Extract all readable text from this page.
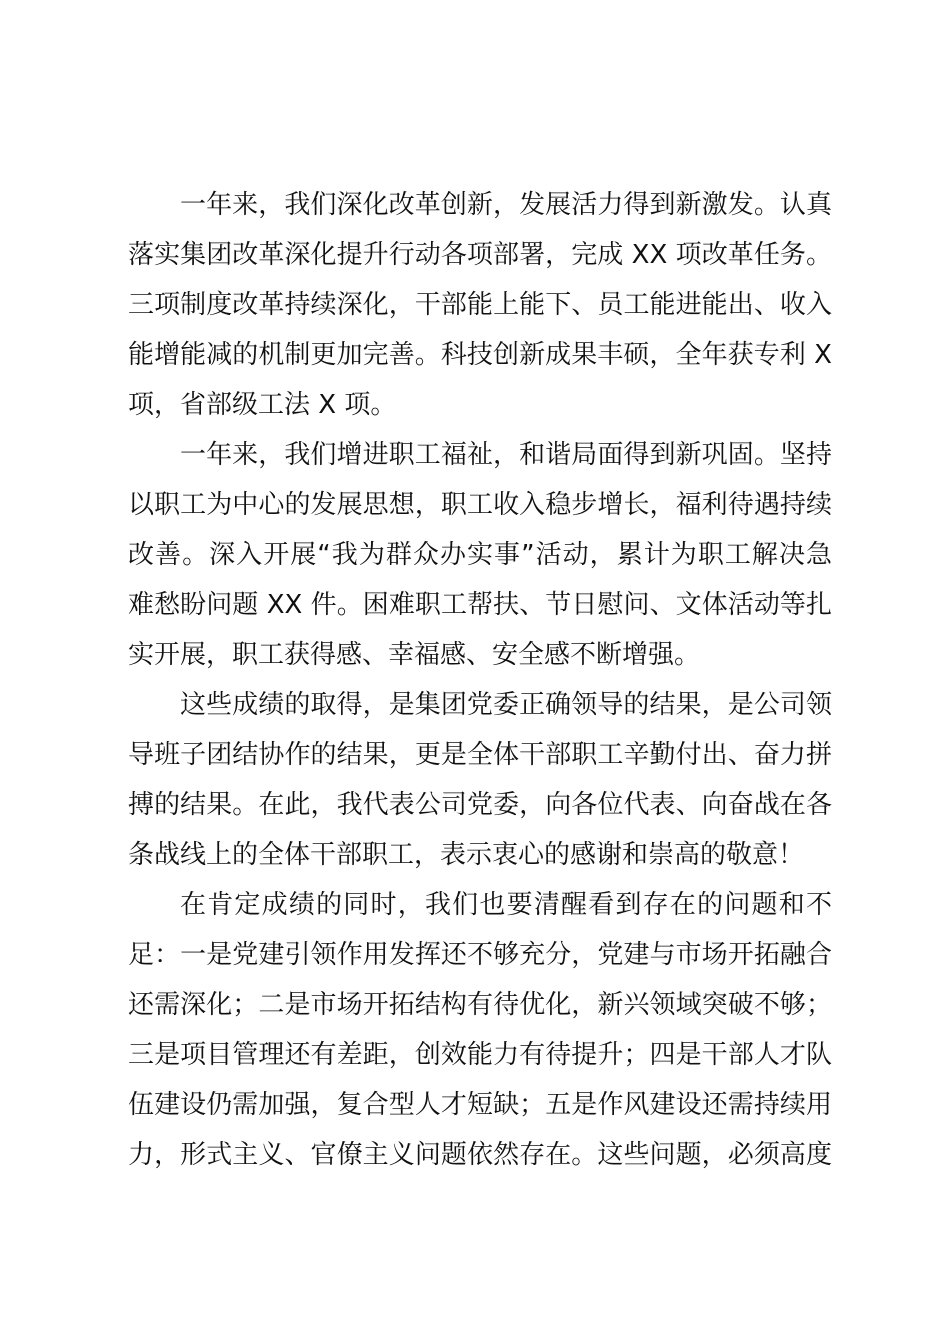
一年来，我们深化改革创新，发展活力得到新激发。认真
落实集团改革深化提升行动各项部署，完成 XX 项改革任务。
三项制度改革持续深化，干部能上能下、员工能进能出、收入
能增能减的机制更加完善。科技创新成果丰硕，全年获专利 X
项，省部级工法 X 项。
一年来，我们增进职工福祉，和谐局面得到新巩固。坚持
以职工为中心的发展思想，职工收入稳步增长，福利待遇持续
改善。深入开展“我为群众办实事”活动，累计为职工解决急
难愁盼问题 XX 件。困难职工帮扶、节日慰问、文体活动等扎
实开展，职工获得感、幸福感、安全感不断增强。
这些成绩的取得，是集团党委正确领导的结果，是公司领
导班子团结协作的结果，更是全体干部职工辛勤付出、奋力拼
搏的结果。在此，我代表公司党委，向各位代表、向奋战在各
条战线上的全体干部职工，表示衷心的感谢和崇高的敬意！
在肯定成绩的同时，我们也要清醒看到存在的问题和不
足：一是党建引领作用发挥还不够充分，党建与市场开拓融合
还需深化；二是市场开拓结构有待优化，新兴领域突破不够；
三是项目管理还有差距，创效能力有待提升；四是干部人才队
伍建设仍需加强，复合型人才短缺；五是作风建设还需持续用
力，形式主义、官僚主义问题依然存在。这些问题，必须高度
